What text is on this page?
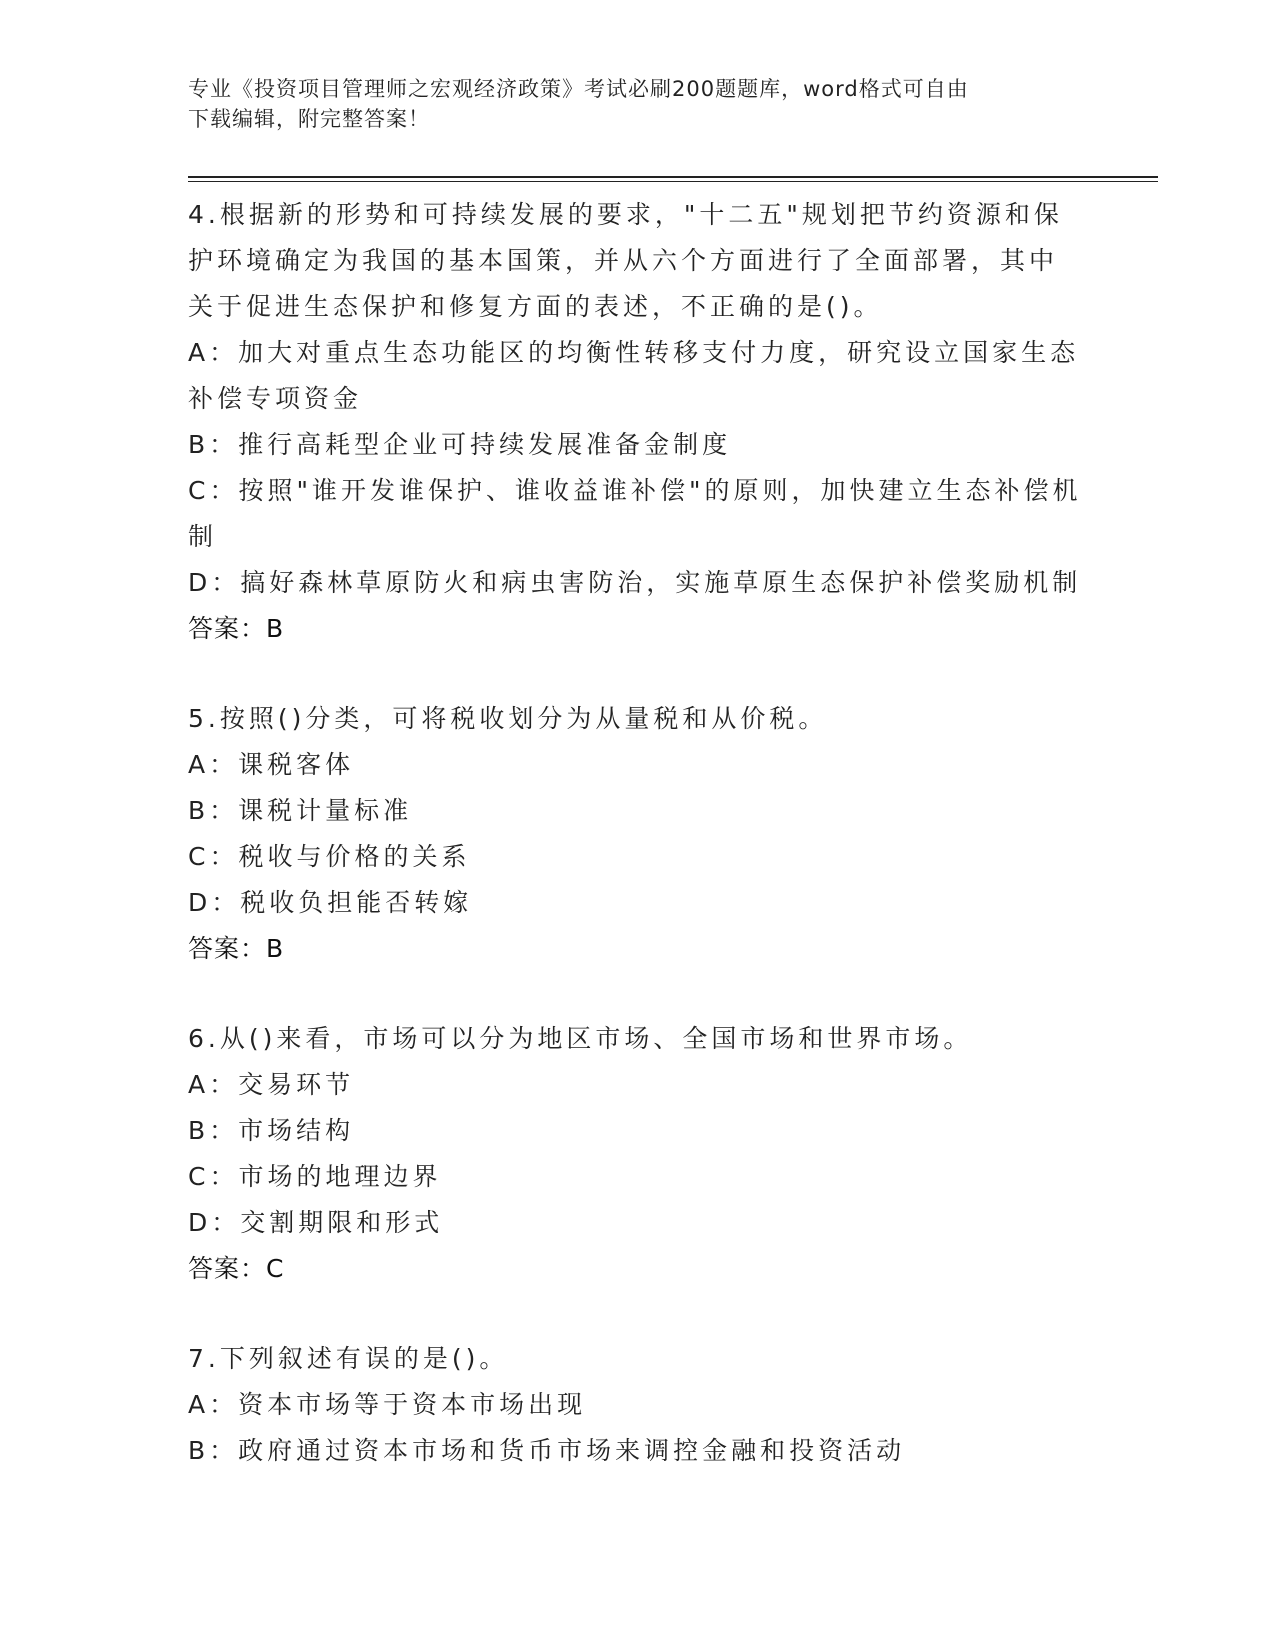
专业《投资项目管理师之宏观经济政策》考试必刷200题题库，word格式可自由
下载编辑，附完整答案！
4.根据新的形势和可持续发展的要求，"十二五"规划把节约资源和保
护环境确定为我国的基本国策，并从六个方面进行了全面部署，其中
关于促进生态保护和修复方面的表述，不正确的是()。
A：加大对重点生态功能区的均衡性转移支付力度，研究设立国家生态
补偿专项资金
B：推行高耗型企业可持续发展准备金制度
C：按照"谁开发谁保护、谁收益谁补偿"的原则，加快建立生态补偿机
制
D：搞好森林草原防火和病虫害防治，实施草原生态保护补偿奖励机制
答案：B
5.按照()分类，可将税收划分为从量税和从价税。
A：课税客体
B：课税计量标准
C：税收与价格的关系
D：税收负担能否转嫁
答案：B
6.从()来看，市场可以分为地区市场、全国市场和世界市场。
A：交易环节
B：市场结构
C：市场的地理边界
D：交割期限和形式
答案：C
7.下列叙述有误的是()。
A：资本市场等于资本市场出现
B：政府通过资本市场和货币市场来调控金融和投资活动
